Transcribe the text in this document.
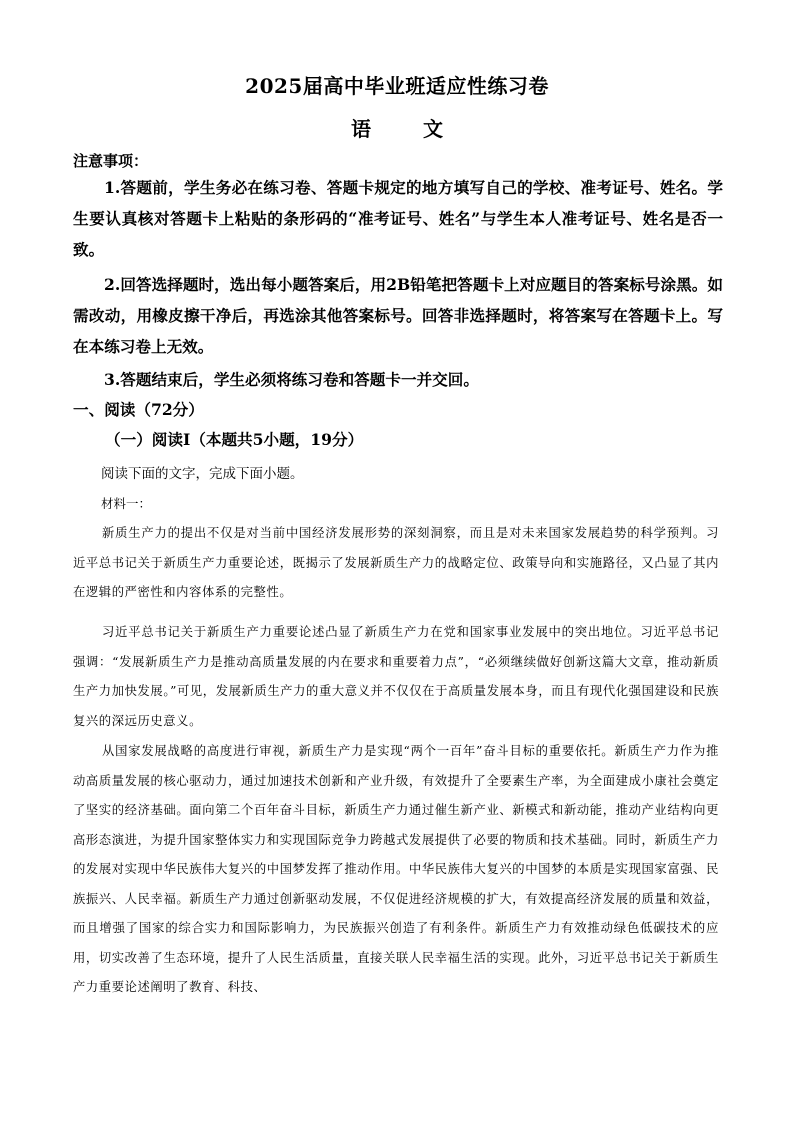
2025届高中毕业班适应性练习卷
语	文
注意事项：

1.答题前，学生务必在练习卷、答题卡规定的地方填写自己的学校、准考证号、姓名。学生要认真核对答题卡上粘贴的条形码的“准考证号、姓名”与学生本人准考证号、姓名是否一致。

2.回答选择题时，选出每小题答案后，用2B铅笔把答题卡上对应题目的答案标号涂黑。如需改动，用橡皮擦干净后，再选涂其他答案标号。回答非选择题时，将答案写在答题卡上。写在本练习卷上无效。

3.答题结束后，学生必须将练习卷和答题卡一并交回。

一、阅读（72分）
（一）阅读Ⅰ（本题共5小题，19分）
阅读下面的文字，完成下面小题。
材料一：

新质生产力的提出不仅是对当前中国经济发展形势的深刻洞察，而且是对未来国家发展趋势的科学预判。习近平总书记关于新质生产力重要论述，既揭示了发展新质生产力的战略定位、政策导向和实施路径，又凸显了其内在逻辑的严密性和内容体系的完整性。

习近平总书记关于新质生产力重要论述凸显了新质生产力在党和国家事业发展中的突出地位。习近平总书记强调：“发展新质生产力是推动高质量发展的内在要求和重要着力点”，“必须继续做好创新这篇大文章，推动新质生产力加快发展。”可见，发展新质生产力的重大意义并不仅仅在于高质量发展本身，而且有现代化强国建设和民族复兴的深远历史意义。

从国家发展战略的高度进行审视，新质生产力是实现“两个一百年”奋斗目标的重要依托。新质生产力作为推动高质量发展的核心驱动力，通过加速技术创新和产业升级，有效提升了全要素生产率，为全面建成小康社会奠定了坚实的经济基础。面向第二个百年奋斗目标，新质生产力通过催生新产业、新模式和新动能，推动产业结构向更高形态演进，为提升国家整体实力和实现国际竞争力跨越式发展提供了必要的物质和技术基础。同时，新质生产力的发展对实现中华民族伟大复兴的中国梦发挥了推动作用。中华民族伟大复兴的中国梦的本质是实现国家富强、民族振兴、人民幸福。新质生产力通过创新驱动发展，不仅促进经济规模的扩大，有效提高经济发展的质量和效益，而且增强了国家的综合实力和国际影响力，为民族振兴创造了有利条件。新质生产力有效推动绿色低碳技术的应用，切实改善了生态环境，提升了人民生活质量，直接关联人民幸福生活的实现。此外，习近平总书记关于新质生产力重要论述阐明了教育、科技、
